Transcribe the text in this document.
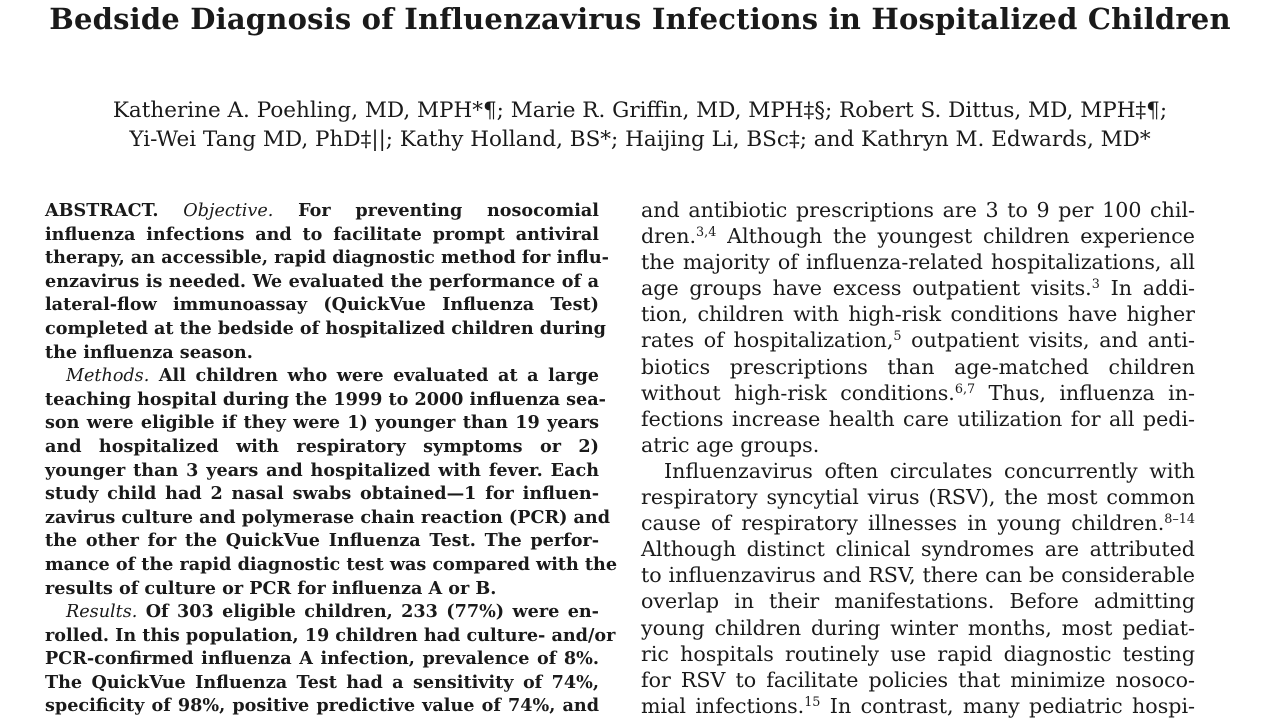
Bedside Diagnosis of Influenzavirus Infections in Hospitalized Children
Katherine A. Poehling, MD, MPH*¶; Marie R. Griffin, MD, MPH‡§; Robert S. Dittus, MD, MPH‡¶;
Yi-Wei Tang MD, PhD‡||; Kathy Holland, BS*; Haijing Li, BSc‡; and Kathryn M. Edwards, MD*
ABSTRACT. Objective. For preventing nosocomial
influenza infections and to facilitate prompt antiviral
therapy, an accessible, rapid diagnostic method for influ-
enzavirus is needed. We evaluated the performance of a
lateral-flow immunoassay (QuickVue Influenza Test)
completed at the bedside of hospitalized children during
the influenza season.
Methods. All children who were evaluated at a large
teaching hospital during the 1999 to 2000 influenza sea-
son were eligible if they were 1) younger than 19 years
and hospitalized with respiratory symptoms or 2)
younger than 3 years and hospitalized with fever. Each
study child had 2 nasal swabs obtained—1 for influen-
zavirus culture and polymerase chain reaction (PCR) and
the other for the QuickVue Influenza Test. The perfor-
mance of the rapid diagnostic test was compared with the
results of culture or PCR for influenza A or B.
Results. Of 303 eligible children, 233 (77%) were en-
rolled. In this population, 19 children had culture- and/or
PCR-confirmed influenza A infection, prevalence of 8%.
The QuickVue Influenza Test had a sensitivity of 74%,
specificity of 98%, positive predictive value of 74%, and
and antibiotic prescriptions are 3 to 9 per 100 chil-
dren.$^{3,4}$ Although the youngest children experience
the majority of influenza-related hospitalizations, all
age groups have excess outpatient visits.$^3$ In addi-
tion, children with high-risk conditions have higher
rates of hospitalization,$^5$ outpatient visits, and anti-
biotics prescriptions than age-matched children
without high-risk conditions.$^{6,7}$ Thus, influenza in-
fections increase health care utilization for all pedi-
atric age groups.
Influenzavirus often circulates concurrently with
respiratory syncytial virus (RSV), the most common
cause of respiratory illnesses in young children.$^{8-14}$
Although distinct clinical syndromes are attributed
to influenzavirus and RSV, there can be considerable
overlap in their manifestations. Before admitting
young children during winter months, most pediat-
ric hospitals routinely use rapid diagnostic testing
for RSV to facilitate policies that minimize nosoco-
mial infections.$^{15}$ In contrast, many pediatric hospi-
